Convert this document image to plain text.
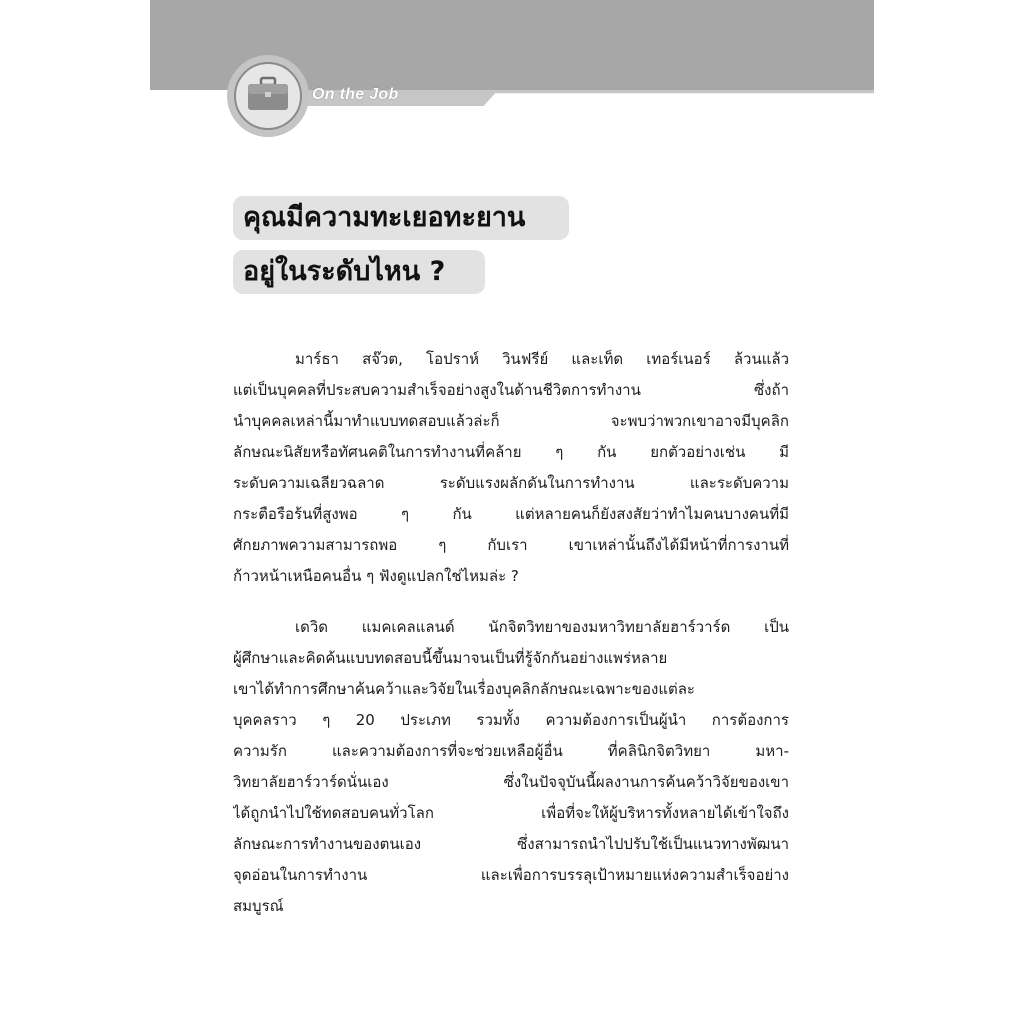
On the Job
คุณมีความทะเยอทะยาน
อยู่ในระดับไหน ?
มาร์ธา สจ๊วต, โอปราห์ วินฟรีย์ และเท็ด เทอร์เนอร์ ล้วนแล้ว
แต่เป็นบุคคลที่ประสบความสำเร็จอย่างสูงในด้านชีวิตการทำงาน ซึ่งถ้า
นำบุคคลเหล่านี้มาทำแบบทดสอบแล้วล่ะก็ จะพบว่าพวกเขาอาจมีบุคลิก
ลักษณะนิสัยหรือทัศนคติในการทำงานที่คล้าย ๆ กัน ยกตัวอย่างเช่น มี
ระดับความเฉลียวฉลาด ระดับแรงผลักดันในการทำงาน และระดับความ
กระตือรือร้นที่สูงพอ ๆ กัน แต่หลายคนก็ยังสงสัยว่าทำไมคนบางคนที่มี
ศักยภาพความสามารถพอ ๆ กับเรา เขาเหล่านั้นถึงได้มีหน้าที่การงานที่
ก้าวหน้าเหนือคนอื่น ๆ ฟังดูแปลกใช่ไหมล่ะ ?
เดวิด แมคเคลแลนด์ นักจิตวิทยาของมหาวิทยาลัยฮาร์วาร์ด เป็น
ผู้ศึกษาและคิดค้นแบบทดสอบนี้ขึ้นมาจนเป็นที่รู้จักกันอย่างแพร่หลาย
เขาได้ทำการศึกษาค้นคว้าและวิจัยในเรื่องบุคลิกลักษณะเฉพาะของแต่ละ
บุคคลราว ๆ 20 ประเภท รวมทั้ง ความต้องการเป็นผู้นำ การต้องการ
ความรัก และความต้องการที่จะช่วยเหลือผู้อื่น ที่คลินิกจิตวิทยา มหา-
วิทยาลัยฮาร์วาร์ดนั่นเอง ซึ่งในปัจจุบันนี้ผลงานการค้นคว้าวิจัยของเขา
ได้ถูกนำไปใช้ทดสอบคนทั่วโลก เพื่อที่จะให้ผู้บริหารทั้งหลายได้เข้าใจถึง
ลักษณะการทำงานของตนเอง ซึ่งสามารถนำไปปรับใช้เป็นแนวทางพัฒนา
จุดอ่อนในการทำงาน และเพื่อการบรรลุเป้าหมายแห่งความสำเร็จอย่าง
สมบูรณ์
